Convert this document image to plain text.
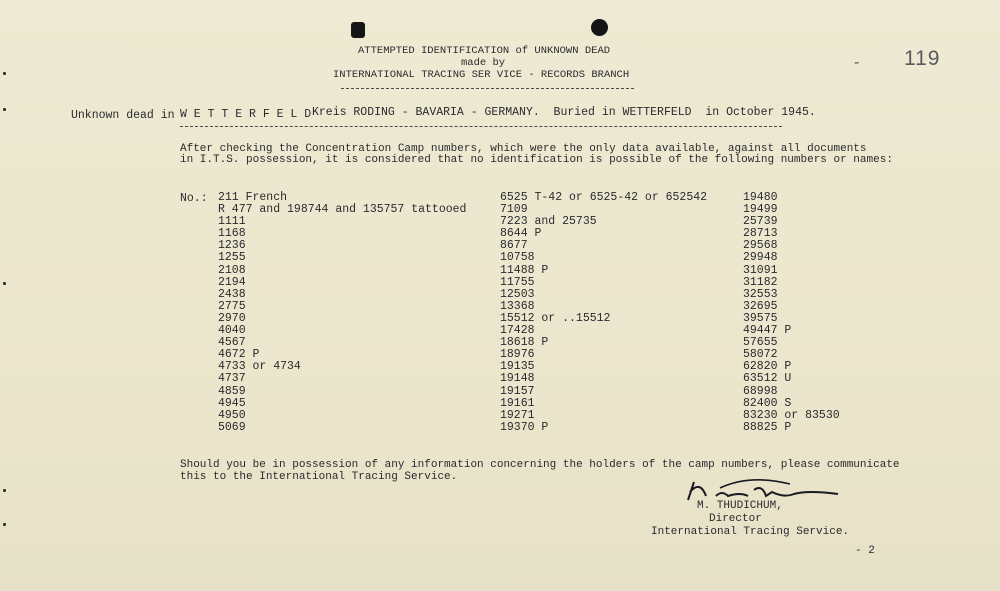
ATTEMPTED IDENTIFICATION of UNKNOWN DEAD
made by
INTERNATIONAL TRACING SER VICE - RECORDS BRANCH
- 119
Unknown dead in W E T T E R F E L D Kreis RODING - BAVARIA - GERMANY.  Buried in WETTERFELD  in October 1945.
After checking the Concentration Camp numbers, which were the only data available, against all documents
in I.T.S. possession, it is considered that no identification is possible of the following numbers or names:
No.: 211 French
R 477 and 198744 and 135757 tattooed
1111
1168
1236
1255
2108
2194
2438
2775
2970
4040
4567
4672 P
4733 or 4734
4737
4859
4945
4950
5069
6525 T-42 or 6525-42 or 652542
7109
7223 and 25735
8644 P
8677
10758
11488 P
11755
12503
13368
15512 or ..15512
17428
18618 P
18976
19135
19148
19157
19161
19271
19370 P
19480
19499
25739
28713
29568
29948
31091
31182
32553
32695
39575
49447 P
57655
58072
62820 P
63512 U
68998
82400 S
83230 or 83530
88825 P
Should you be in possession of any information concerning the holders of the camp numbers, please communicate
this to the International Tracing Service.
M. THUDICHUM,
Director
International Tracing Service.
- 2
